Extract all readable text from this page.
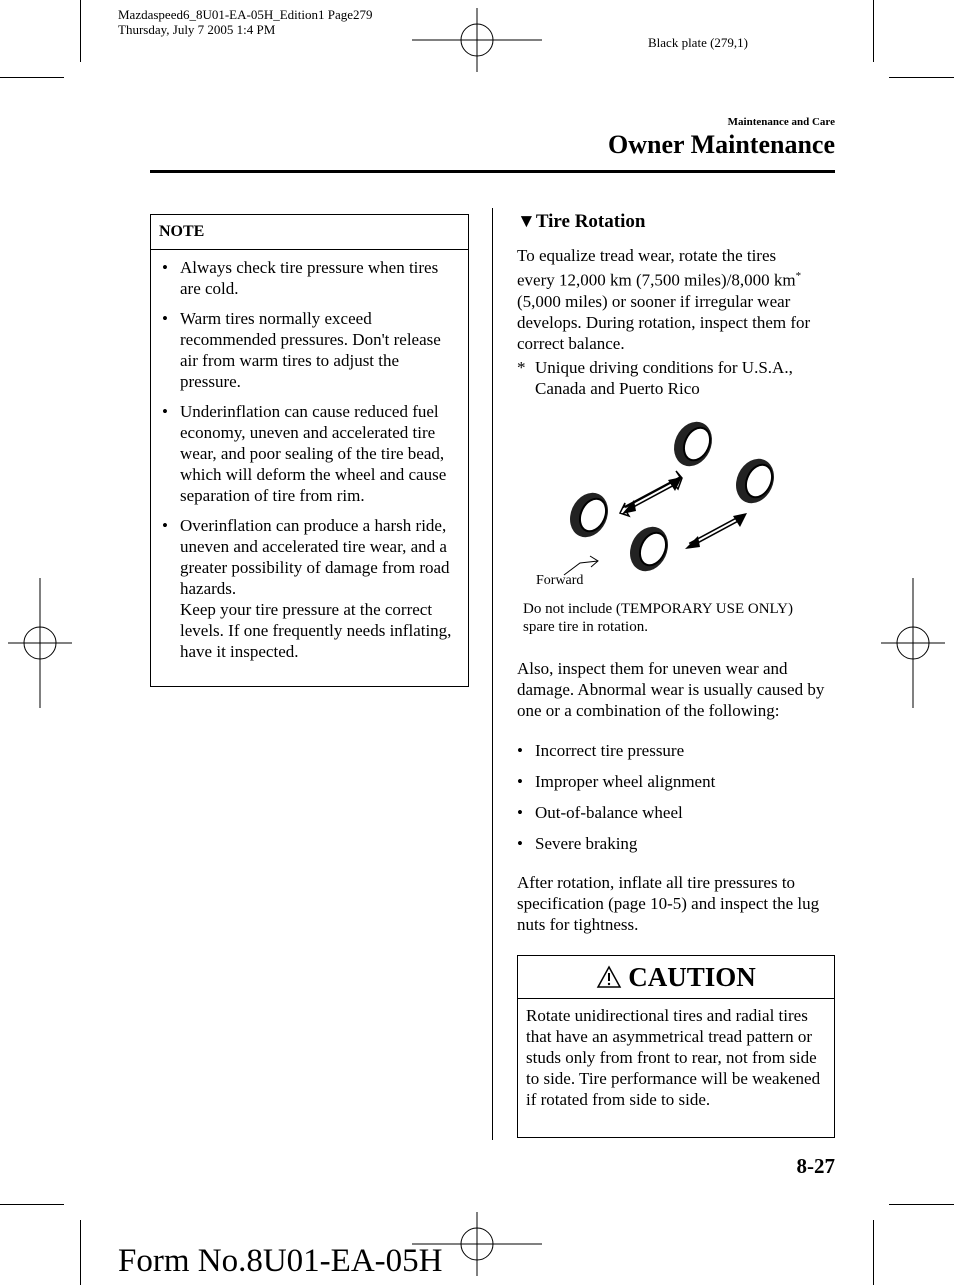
Mazdaspeed6_8U01-EA-05H_Edition1 Page279
Thursday, July 7 2005 1:4 PM
Black plate (279,1)
Maintenance and Care
Owner Maintenance
NOTE
• Always check tire pressure when tires are cold.
• Warm tires normally exceed recommended pressures. Don't release air from warm tires to adjust the pressure.
• Underinflation can cause reduced fuel economy, uneven and accelerated tire wear, and poor sealing of the tire bead, which will deform the wheel and cause separation of tire from rim.
• Overinflation can produce a harsh ride, uneven and accelerated tire wear, and a greater possibility of damage from road hazards.
Keep your tire pressure at the correct levels. If one frequently needs inflating, have it inspected.
▼Tire Rotation
To equalize tread wear, rotate the tires every 12,000 km (7,500 miles)/8,000 km*(5,000 miles) or sooner if irregular wear develops. During rotation, inspect them for correct balance.
* Unique driving conditions for U.S.A., Canada and Puerto Rico
Forward
Do not include (TEMPORARY USE ONLY) spare tire in rotation.
Also, inspect them for uneven wear and damage. Abnormal wear is usually caused by one or a combination of the following:
• Incorrect tire pressure
• Improper wheel alignment
• Out-of-balance wheel
• Severe braking
After rotation, inflate all tire pressures to specification (page 10-5) and inspect the lug nuts for tightness.
CAUTION
Rotate unidirectional tires and radial tires that have an asymmetrical tread pattern or studs only from front to rear, not from side to side. Tire performance will be weakened if rotated from side to side.
8-27
Form No.8U01-EA-05H
